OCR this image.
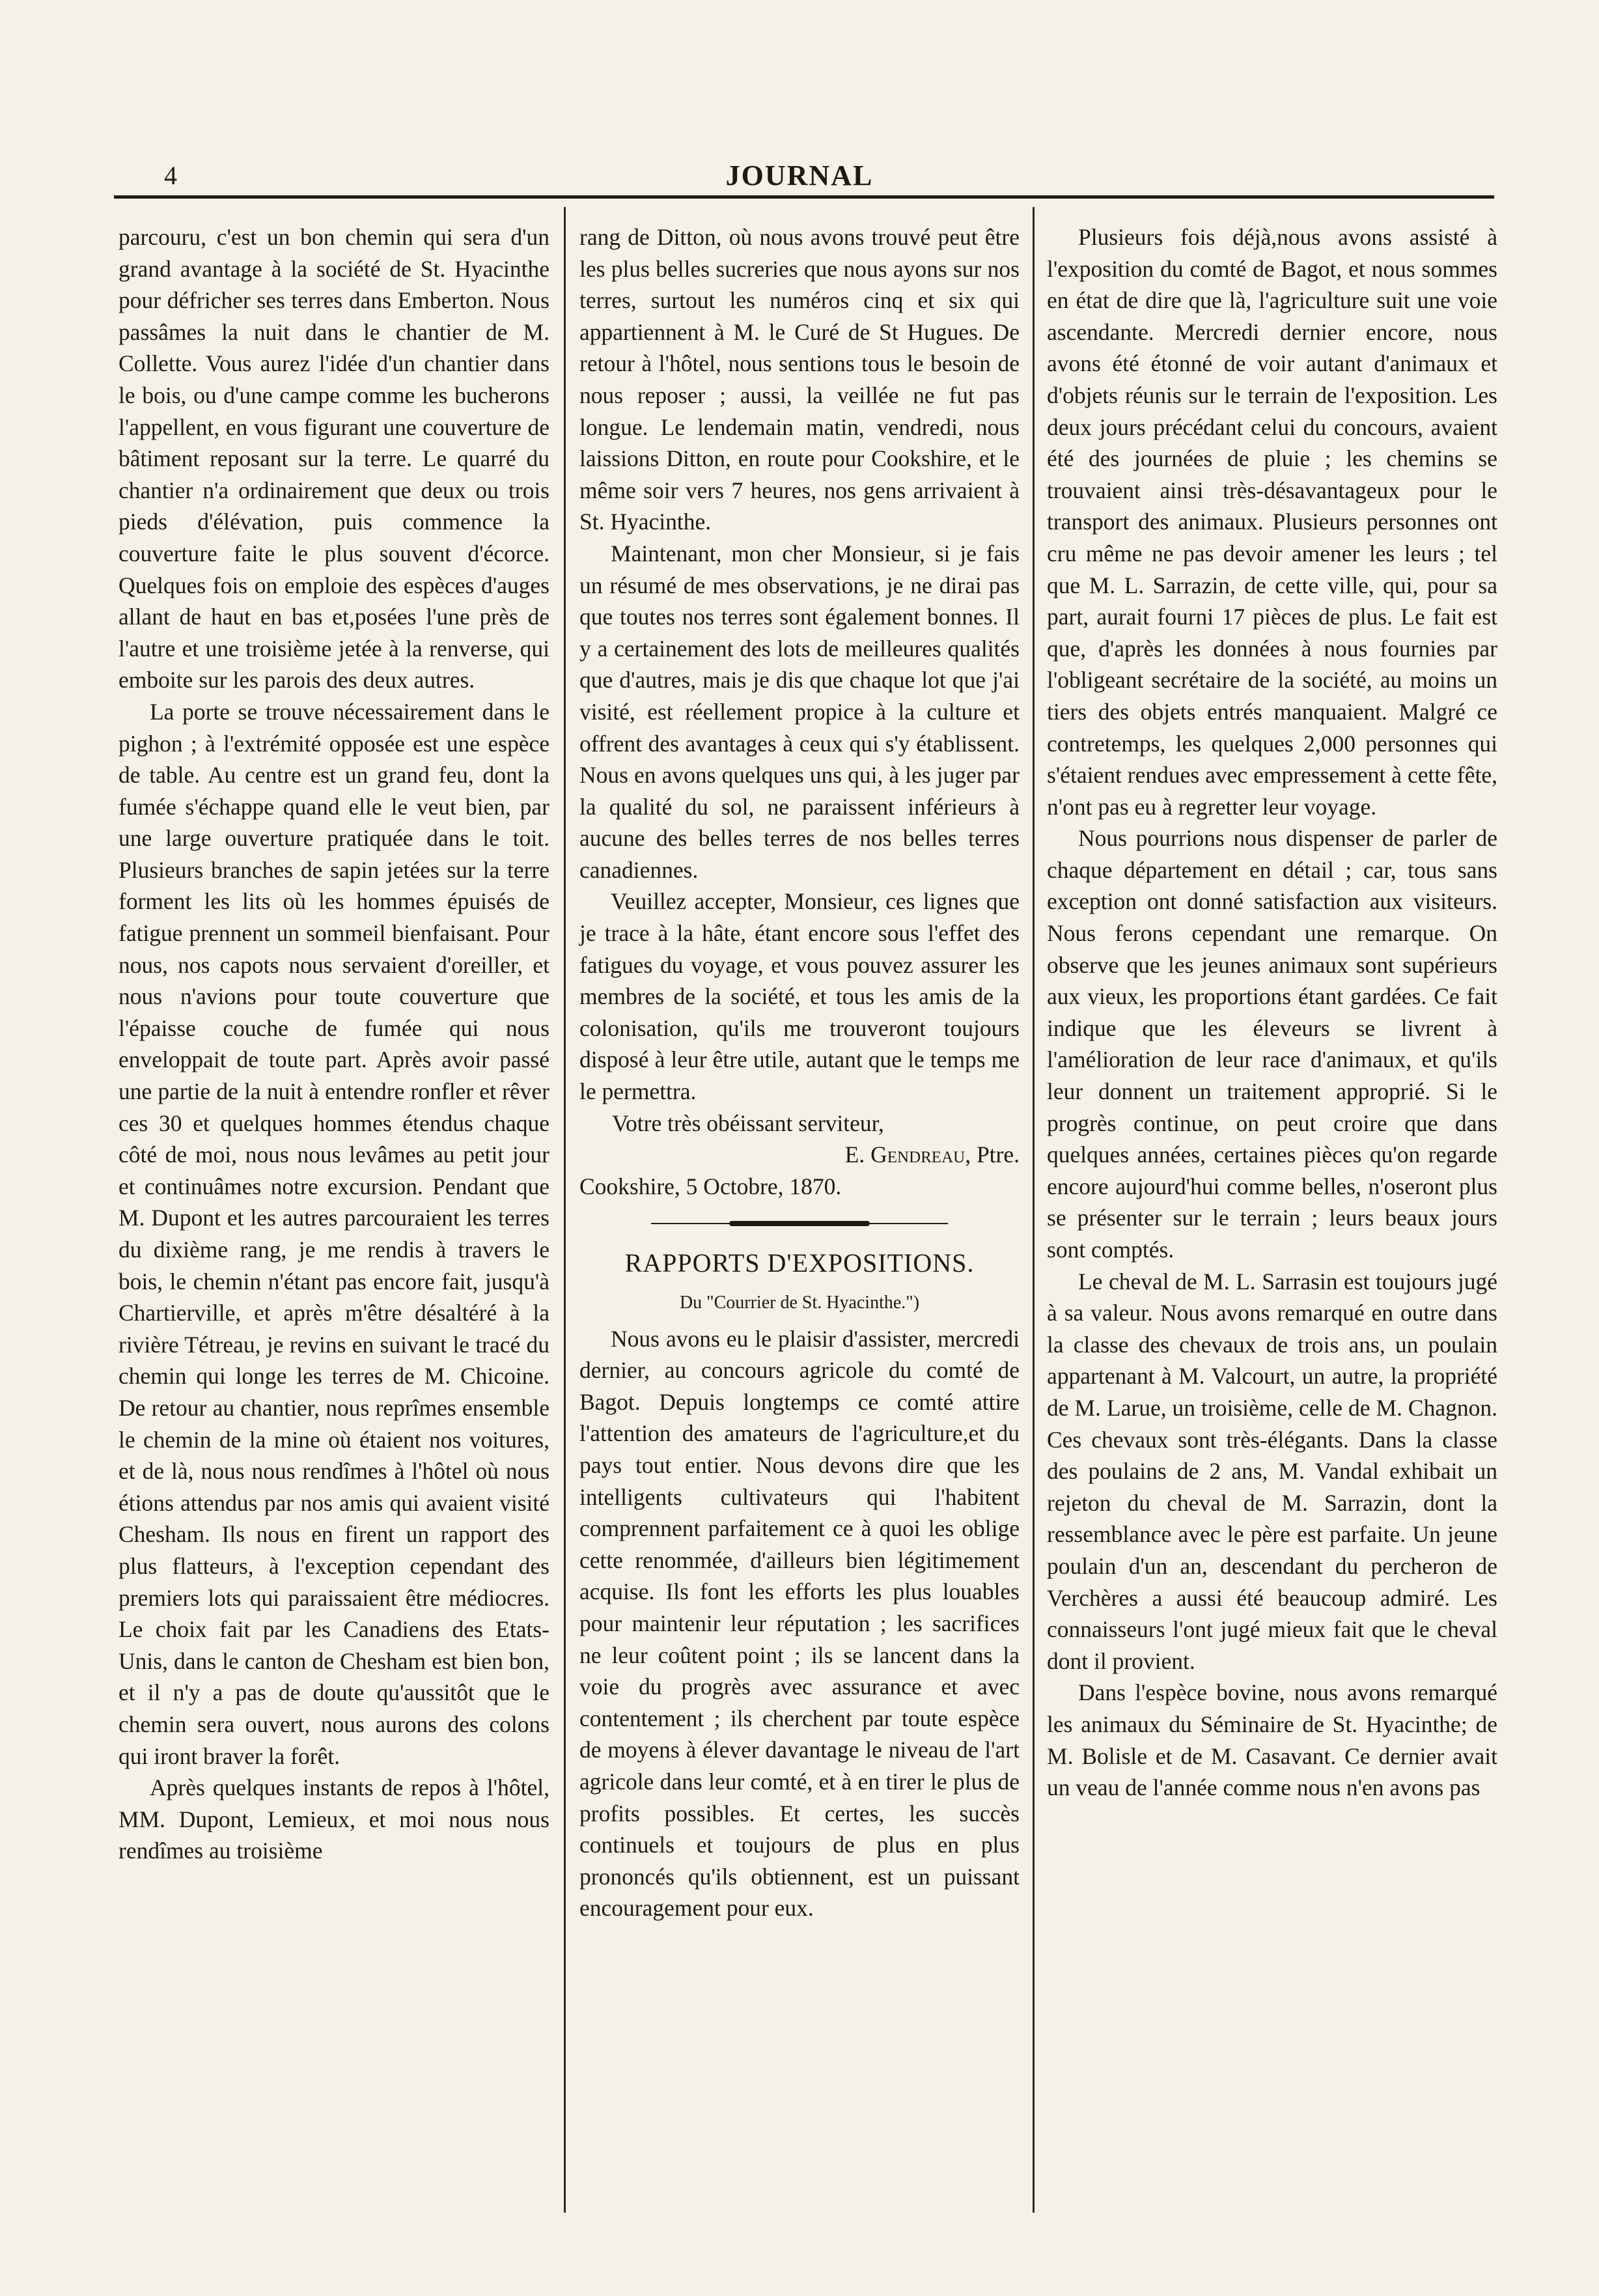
4	JOURNAL

parcouru, c'est un bon chemin qui sera d'un grand avantage à la société de St. Hyacinthe pour défricher ses terres dans Emberton. Nous passâmes la nuit dans le chantier de M. Collette. Vous aurez l'idée d'un chantier dans le bois, ou d'une campe comme les bucherons l'appellent, en vous figurant une couverture de bâtiment reposant sur la terre. Le quarré du chantier n'a ordinairement que deux ou trois pieds d'élévation, puis commence la couverture faite le plus souvent d'écorce. Quelques fois on emploie des espèces d'auges allant de haut en bas et,posées l'une près de l'autre et une troisième jetée à la renverse, qui emboite sur les parois des deux autres.

La porte se trouve nécessairement dans le pighon ; à l'extrémité opposée est une espèce de table. Au centre est un grand feu, dont la fumée s'échappe quand elle le veut bien, par une large ouverture pratiquée dans le toit. Plusieurs branches de sapin jetées sur la terre forment les lits où les hommes épuisés de fatigue prennent un sommeil bienfaisant. Pour nous, nos capots nous servaient d'oreiller, et nous n'avions pour toute couverture que l'épaisse couche de fumée qui nous enveloppait de toute part. Après avoir passé une partie de la nuit à entendre ronfler et rêver ces 30 et quelques hommes étendus chaque côté de moi, nous nous levâmes au petit jour et continuâmes notre excursion. Pendant que M. Dupont et les autres parcouraient les terres du dixième rang, je me rendis à travers le bois, le chemin n'étant pas encore fait, jusqu'à Chartierville, et après m'être désaltéré à la rivière Tétreau, je revins en suivant le tracé du chemin qui longe les terres de M. Chicoine. De retour au chantier, nous reprîmes ensemble le chemin de la mine où étaient nos voitures, et de là, nous nous rendîmes à l'hôtel où nous étions attendus par nos amis qui avaient visité Chesham. Ils nous en firent un rapport des plus flatteurs, à l'exception cependant des premiers lots qui paraissaient être médiocres. Le choix fait par les Canadiens des Etats-Unis, dans le canton de Chesham est bien bon, et il n'y a pas de doute qu'aussitôt que le chemin sera ouvert, nous aurons des colons qui iront braver la forêt.

Après quelques instants de repos à l'hôtel, MM. Dupont, Lemieux, et moi nous nous rendîmes au troisième

rang de Ditton, où nous avons trouvé peut être les plus belles sucreries que nous ayons sur nos terres, surtout les numéros cinq et six qui appartiennent à M. le Curé de St Hugues. De retour à l'hôtel, nous sentions tous le besoin de nous reposer ; aussi, la veillée ne fut pas longue. Le lendemain matin, vendredi, nous laissions Ditton, en route pour Cookshire, et le même soir vers 7 heures, nos gens arrivaient à St. Hyacinthe.

Maintenant, mon cher Monsieur, si je fais un résumé de mes observations, je ne dirai pas que toutes nos terres sont également bonnes. Il y a certainement des lots de meilleures qualités que d'autres, mais je dis que chaque lot que j'ai visité, est réellement propice à la culture et offrent des avantages à ceux qui s'y établissent. Nous en avons quelques uns qui, à les juger par la qualité du sol, ne paraissent inférieurs à aucune des belles terres de nos belles terres canadiennes.

Veuillez accepter, Monsieur, ces lignes que je trace à la hâte, étant encore sous l'effet des fatigues du voyage, et vous pouvez assurer les membres de la société, et tous les amis de la colonisation, qu'ils me trouveront toujours disposé à leur être utile, autant que le temps me le permettra.

Votre très obéissant serviteur,

E. Gendreau, Ptre.

Cookshire, 5 Octobre, 1870.

RAPPORTS D'EXPOSITIONS.
Du "Courrier de St. Hyacinthe.")

Nous avons eu le plaisir d'assister, mercredi dernier, au concours agricole du comté de Bagot. Depuis longtemps ce comté attire l'attention des amateurs de l'agriculture,et du pays tout entier. Nous devons dire que les intelligents cultivateurs qui l'habitent comprennent parfaitement ce à quoi les oblige cette renommée, d'ailleurs bien légitimement acquise. Ils font les efforts les plus louables pour maintenir leur réputation ; les sacrifices ne leur coûtent point ; ils se lancent dans la voie du progrès avec assurance et avec contentement ; ils cherchent par toute espèce de moyens à élever davantage le niveau de l'art agricole dans leur comté, et à en tirer le plus de profits possibles. Et certes, les succès continuels et toujours de plus en plus prononcés qu'ils obtiennent, est un puissant encouragement pour eux.

Plusieurs fois déjà,nous avons assisté à l'exposition du comté de Bagot, et nous sommes en état de dire que là, l'agriculture suit une voie ascendante. Mercredi dernier encore, nous avons été étonné de voir autant d'animaux et d'objets réunis sur le terrain de l'exposition. Les deux jours précédant celui du concours, avaient été des journées de pluie ; les chemins se trouvaient ainsi très-désavantageux pour le transport des animaux. Plusieurs personnes ont cru même ne pas devoir amener les leurs ; tel que M. L. Sarrazin, de cette ville, qui, pour sa part, aurait fourni 17 pièces de plus. Le fait est que, d'après les données à nous fournies par l'obligeant secrétaire de la société, au moins un tiers des objets entrés manquaient. Malgré ce contretemps, les quelques 2,000 personnes qui s'étaient rendues avec empressement à cette fête, n'ont pas eu à regretter leur voyage.

Nous pourrions nous dispenser de parler de chaque département en détail ; car, tous sans exception ont donné satisfaction aux visiteurs. Nous ferons cependant une remarque. On observe que les jeunes animaux sont supérieurs aux vieux, les proportions étant gardées. Ce fait indique que les éleveurs se livrent à l'amélioration de leur race d'animaux, et qu'ils leur donnent un traitement approprié. Si le progrès continue, on peut croire que dans quelques années, certaines pièces qu'on regarde encore aujourd'hui comme belles, n'oseront plus se présenter sur le terrain ; leurs beaux jours sont comptés.

Le cheval de M. L. Sarrasin est toujours jugé à sa valeur. Nous avons remarqué en outre dans la classe des chevaux de trois ans, un poulain appartenant à M. Valcourt, un autre, la propriété de M. Larue, un troisième, celle de M. Chagnon. Ces chevaux sont très-élégants. Dans la classe des poulains de 2 ans, M. Vandal exhibait un rejeton du cheval de M. Sarrazin, dont la ressemblance avec le père est parfaite. Un jeune poulain d'un an, descendant du percheron de Verchères a aussi été beaucoup admiré. Les connaisseurs l'ont jugé mieux fait que le cheval dont il provient.

Dans l'espèce bovine, nous avons remarqué les animaux du Séminaire de St. Hyacinthe; de M. Bolisle et de M. Casavant. Ce dernier avait un veau de l'année comme nous n'en avons pas
